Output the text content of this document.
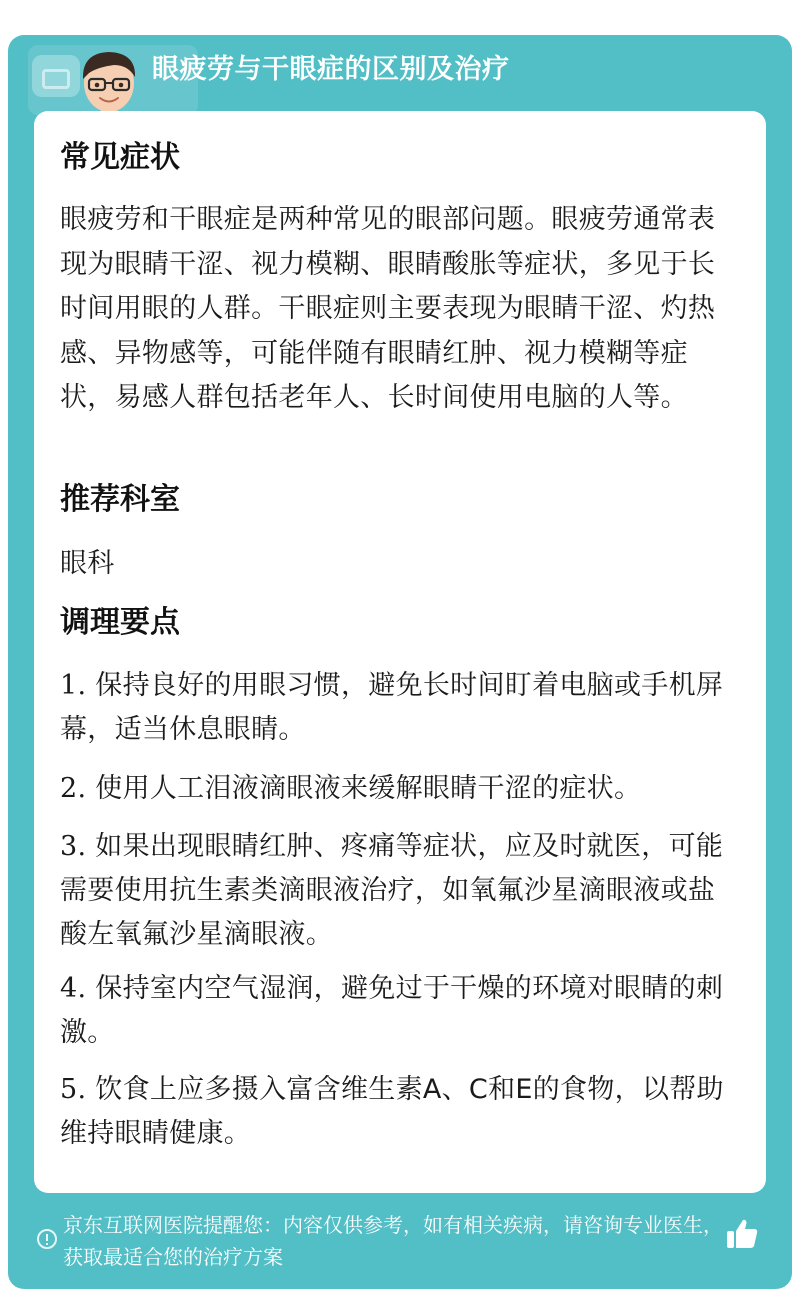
眼疲劳与干眼症的区别及治疗
常见症状
眼疲劳和干眼症是两种常见的眼部问题。眼疲劳通常表现为眼睛干涩、视力模糊、眼睛酸胀等症状，多见于长时间用眼的人群。干眼症则主要表现为眼睛干涩、灼热感、异物感等，可能伴随有眼睛红肿、视力模糊等症状，易感人群包括老年人、长时间使用电脑的人等。
推荐科室
眼科
调理要点
1. 保持良好的用眼习惯，避免长时间盯着电脑或手机屏幕，适当休息眼睛。
2. 使用人工泪液滴眼液来缓解眼睛干涩的症状。
3. 如果出现眼睛红肿、疼痛等症状，应及时就医，可能需要使用抗生素类滴眼液治疗，如氧氟沙星滴眼液或盐酸左氧氟沙星滴眼液。
4. 保持室内空气湿润，避免过于干燥的环境对眼睛的刺激。
5. 饮食上应多摄入富含维生素A、C和E的食物，以帮助维持眼睛健康。
京东互联网医院提醒您：内容仅供参考，如有相关疾病，请咨询专业医生，获取最适合您的治疗方案
